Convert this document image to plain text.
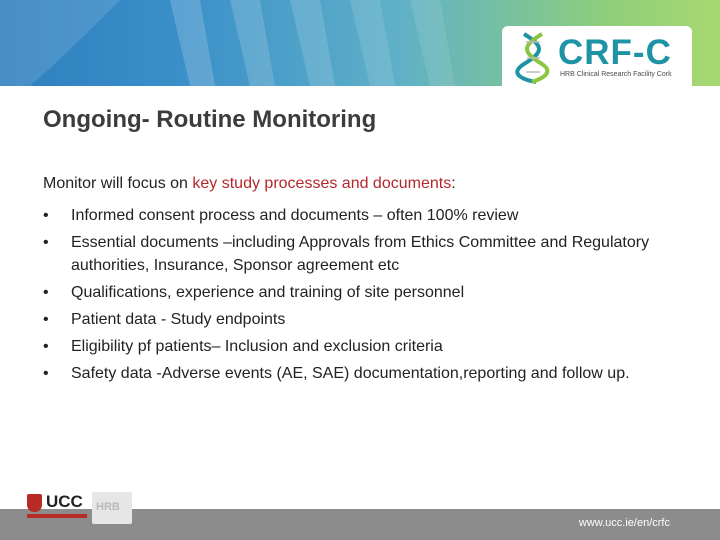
CRF-C
HRB Clinical Research Facility Cork
Ongoing- Routine Monitoring
Monitor will focus on key study processes and documents:
• Informed consent process and documents – often 100% review
• Essential documents –including Approvals from Ethics Committee and Regulatory authorities, Insurance, Sponsor agreement etc
• Qualifications, experience and training of site personnel
• Patient data - Study endpoints
• Eligibility pf patients– Inclusion and exclusion criteria
• Safety data -Adverse events (AE, SAE) documentation,reporting and follow up.
www.ucc.ie/en/crfc
UCC HRB
